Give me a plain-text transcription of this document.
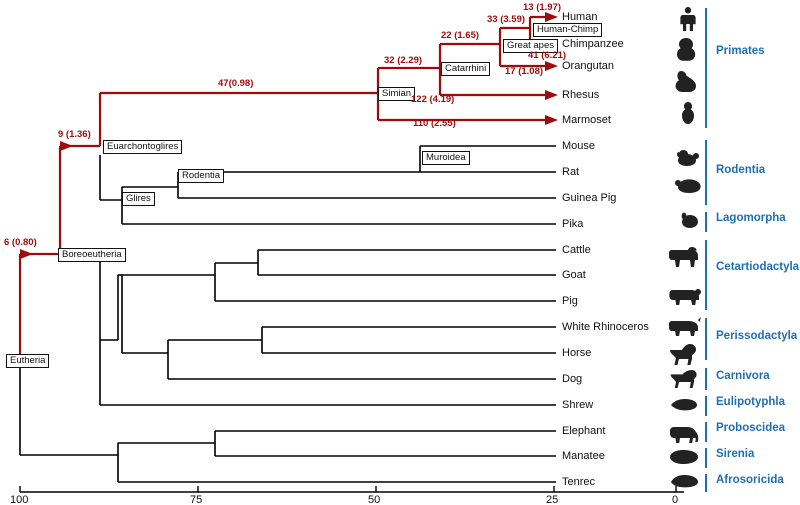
Human
Chimpanzee
Orangutan
Rhesus
Marmoset
Mouse
Rat
Guinea Pig
Pika
Cattle
Goat
Pig
White Rhinoceros
Horse
Dog
Shrew
Elephant
Manatee
Tenrec
Human-Chimp
Great apes
Catarrhini
Simian
Euarchontoglires
Rodentia
Muroidea
Glires
Boreoeutheria
Eutheria
13 (1.97)
33 (3.59)
41 (6.21)
22 (1.65)
17 (1.08)
32 (2.29)
122 (4.19)
47(0.98)
110 (2.55)
9 (1.36)
6 (0.80)
Primates
Rodentia
Lagomorpha
Cetartiodactyla
Perissodactyla
Carnivora
Eulipotyphla
Proboscidea
Sirenia
Afrosoricida
100	75	50	25	0
